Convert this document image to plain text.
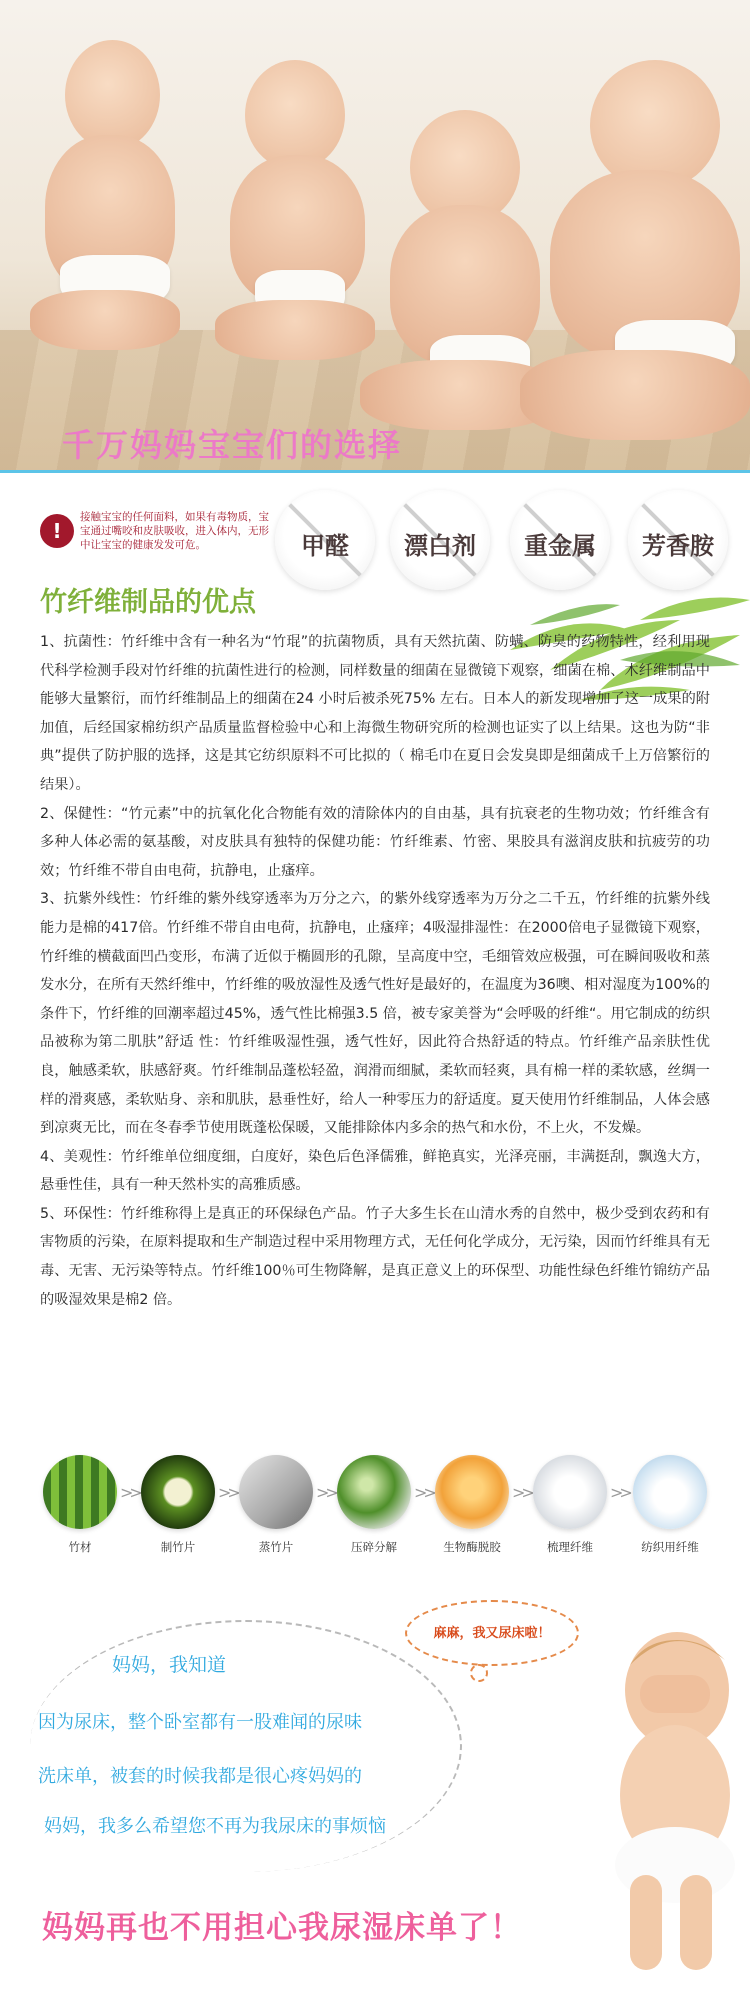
千万妈妈宝宝们的选择
!
接触宝宝的任何面料，如果有毒物质，宝宝通过嘴咬和皮肤吸收，进入体内，无形中让宝宝的健康发发可危。	甲醛	漂白剂	重金属	芳香胺
竹纤维制品的优点

1、抗菌性：竹纤维中含有一种名为“竹琨”的抗菌物质，具有天然抗菌、防螨、防臭的药物特性，经利用现代科学检测手段对竹纤维的抗菌性进行的检测，同样数量的细菌在显微镜下观察，细菌在棉、木纤维制品中能够大量繁衍，而竹纤维制品上的细菌在24 小时后被杀死75% 左右。日本人的新发现增加了这一成果的附加值，后经国家棉纺织产品质量监督检验中心和上海微生物研究所的检测也证实了以上结果。这也为防“非典”提供了防护服的选择，这是其它纺织原料不可比拟的（ 棉毛巾在夏日会发臭即是细菌成千上万倍繁衍的结果）。

2、保健性：“竹元素”中的抗氧化化合物能有效的清除体内的自由基，具有抗衰老的生物功效；竹纤维含有多种人体必需的氨基酸，对皮肤具有独特的保健功能：竹纤维素、竹密、果胶具有滋润皮肤和抗疲劳的功效；竹纤维不带自由电荷，抗静电，止瘙痒。

3、抗紫外线性：竹纤维的紫外线穿透率为万分之六，的紫外线穿透率为万分之二千五，竹纤维的抗紫外线能力是棉的417倍。竹纤维不带自由电荷，抗静电，止瘙痒；4吸湿排湿性：在2000倍电子显微镜下观察，竹纤维的横截面凹凸变形，布满了近似于椭圆形的孔隙，呈高度中空，毛细管效应极强，可在瞬间吸收和蒸发水分，在所有天然纤维中，竹纤维的吸放湿性及透气性好是最好的，在温度为36噢、相对湿度为100%的条件下，竹纤维的回潮率超过45%，透气性比棉强3.5 倍，被专家美誉为“会呼吸的纤维“。用它制成的纺织品被称为第二肌肤”舒适 性：竹纤维吸湿性强，透气性好，因此符合热舒适的特点。竹纤维产品亲肤性优良，触感柔软，肤感舒爽。竹纤维制品蓬松轻盈，润滑而细腻，柔软而轻爽，具有棉一样的柔软感，丝绸一样的滑爽感，柔软贴身、亲和肌肤，悬垂性好，给人一种零压力的舒适度。夏天使用竹纤维制品，人体会感到凉爽无比，而在冬春季节使用既蓬松保暖，又能排除体内多余的热气和水份，不上火，不发燥。

4、美观性：竹纤维单位细度细，白度好，染色后色泽儒雅，鲜艳真实，光泽亮丽，丰满挺刮，飘逸大方，悬垂性佳，具有一种天然朴实的高雅质感。

5、环保性：竹纤维称得上是真正的环保绿色产品。竹子大多生长在山清水秀的自然中，极少受到农药和有害物质的污染，在原料提取和生产制造过程中采用物理方式，无任何化学成分，无污染，因而竹纤维具有无毒、无害、无污染等特点。竹纤维100％可生物降解，是真正意义上的环保型、功能性绿色纤维竹锦纺产品的吸湿效果是棉2 倍。

竹材
>>
制竹片
>>
蒸竹片
>>
压碎分解
>>
生物酶脱胶
>>
梳理纤维
>>
纺织用纤维
麻麻，我又尿床啦！
妈妈，我知道
因为尿床，整个卧室都有一股难闻的尿味
洗床单，被套的时候我都是很心疼妈妈的
妈妈，我多么希望您不再为我尿床的事烦恼
妈妈再也不用担心我尿湿床单了！
